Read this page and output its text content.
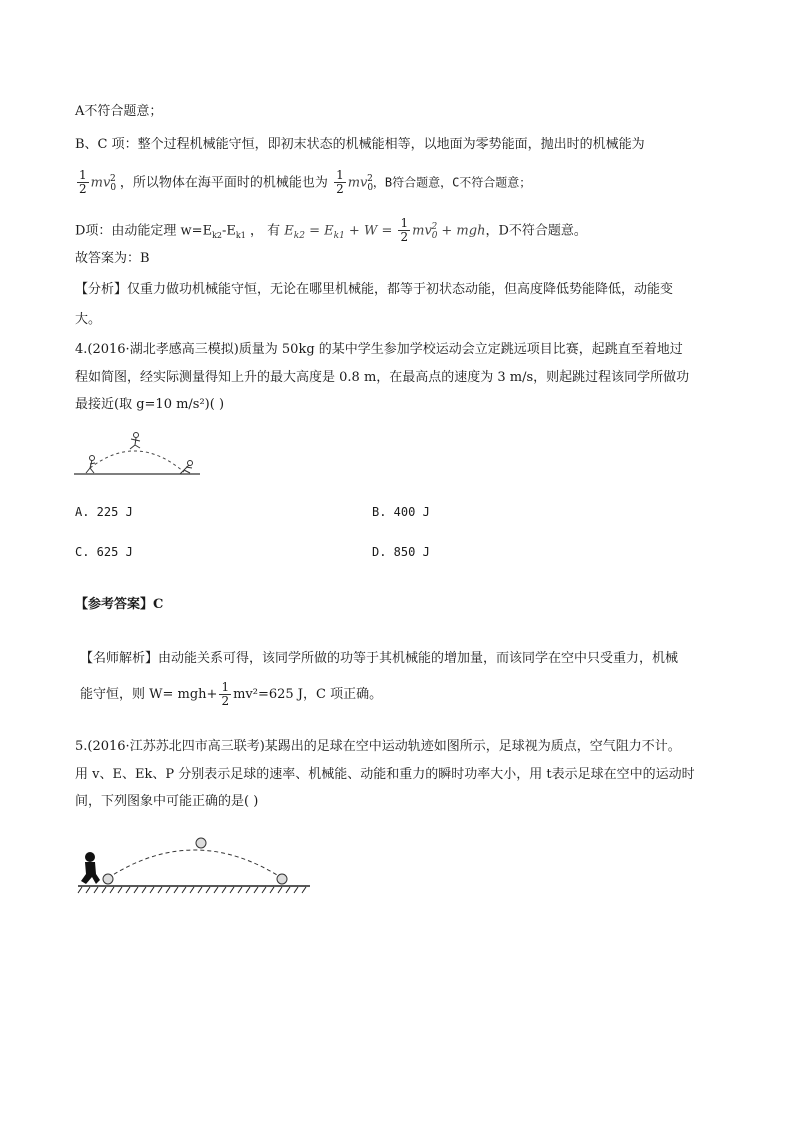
A不符合题意；
B、C 项：整个过程机械能守恒，即初末状态的机械能相等，以地面为零势能面，抛出时的机械能为
$\frac{1}{2} mv_0^2$ ，所以物体在海平面时的机械能也为 $\frac{1}{2} mv_0^2$，B符合题意，C不符合题意；
D项：由动能定理 $w=E_{k2}-E_{k1}$ ， 有 $E_{k2} = E_{k1} + W = \frac{1}{2} mv_0^2$ + mgh，D不符合题意。
故答案为：B
【分析】仅重力做功机械能守恒，无论在哪里机械能，都等于初状态动能，但高度降低势能降低，动能变
大。
4.(2016·湖北孝感高三模拟)质量为 50kg 的某中学生参加学校运动会立定跳远项目比赛，起跳直至着地过
程如简图，经实际测量得知上升的最大高度是 0.8 m，在最高点的速度为 3 m/s，则起跳过程该同学所做功
最接近(取 g=10 m/s²)( )
A. 225 J	B. 400 J
C. 625 J	D. 850 J
【参考答案】C
【名师解析】由动能关系可得，该同学所做的功等于其机械能的增加量，而该同学在空中只受重力，机械
能守恒，则 $W= mgh+ \frac{1}{2} mv^2=625$ J，C 项正确。
5.(2016·江苏苏北四市高三联考)某踢出的足球在空中运动轨迹如图所示，足球视为质点，空气阻力不计。
用 v、E、Ek、P 分别表示足球的速率、机械能、动能和重力的瞬时功率大小，用 t表示足球在空中的运动时
间，下列图象中可能正确的是( )
